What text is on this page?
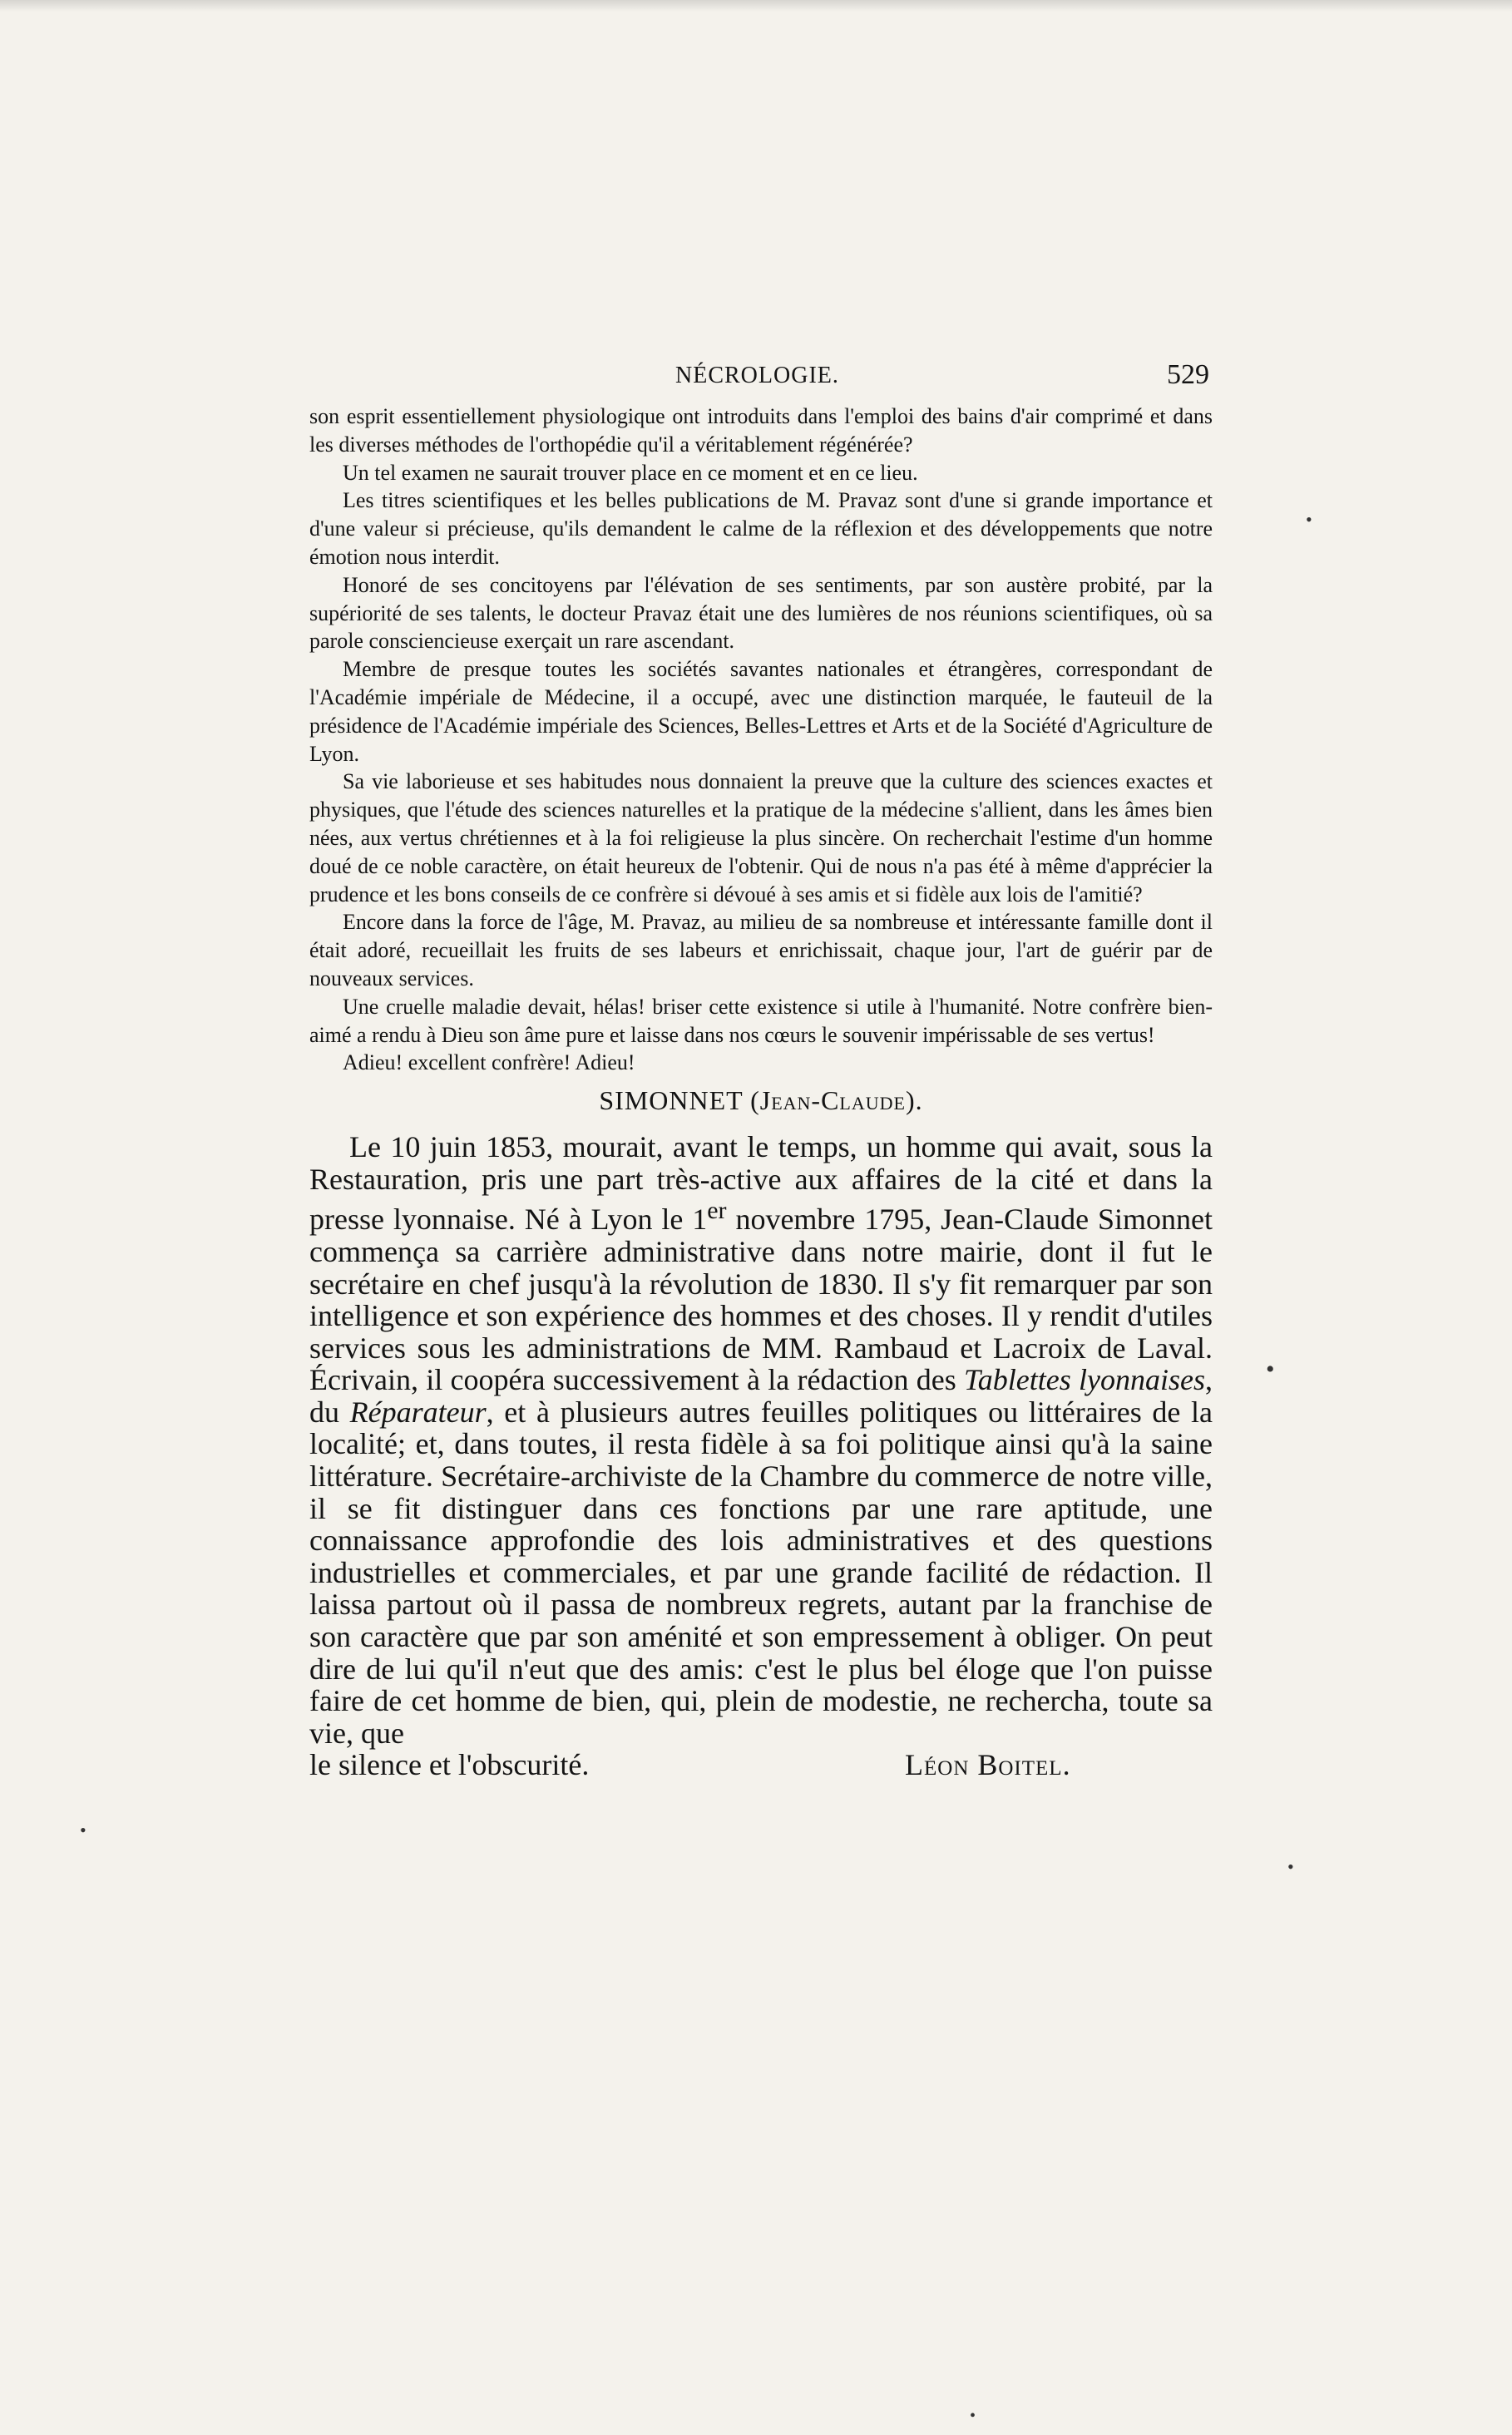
NÉCROLOGIE.	529

son esprit essentiellement physiologique ont introduits dans l'emploi des bains d'air comprimé et dans les diverses méthodes de l'orthopédie qu'il a véritablement régénérée?

Un tel examen ne saurait trouver place en ce moment et en ce lieu.

Les titres scientifiques et les belles publications de M. Pravaz sont d'une si grande importance et d'une valeur si précieuse, qu'ils demandent le calme de la réflexion et des développements que notre émotion nous interdit.

Honoré de ses concitoyens par l'élévation de ses sentiments, par son austère probité, par la supériorité de ses talents, le docteur Pravaz était une des lumières de nos réunions scientifiques, où sa parole consciencieuse exerçait un rare ascendant.

Membre de presque toutes les sociétés savantes nationales et étrangères, correspondant de l'Académie impériale de Médecine, il a occupé, avec une distinction marquée, le fauteuil de la présidence de l'Académie impériale des Sciences, Belles-Lettres et Arts et de la Société d'Agriculture de Lyon.

Sa vie laborieuse et ses habitudes nous donnaient la preuve que la culture des sciences exactes et physiques, que l'étude des sciences naturelles et la pratique de la médecine s'allient, dans les âmes bien nées, aux vertus chrétiennes et à la foi religieuse la plus sincère. On recherchait l'estime d'un homme doué de ce noble caractère, on était heureux de l'obtenir. Qui de nous n'a pas été à même d'apprécier la prudence et les bons conseils de ce confrère si dévoué à ses amis et si fidèle aux lois de l'amitié?

Encore dans la force de l'âge, M. Pravaz, au milieu de sa nombreuse et intéressante famille dont il était adoré, recueillait les fruits de ses labeurs et enrichissait, chaque jour, l'art de guérir par de nouveaux services.

Une cruelle maladie devait, hélas! briser cette existence si utile à l'humanité. Notre confrère bien-aimé a rendu à Dieu son âme pure et laisse dans nos cœurs le souvenir impérissable de ses vertus!

Adieu! excellent confrère! Adieu!

SIMONNET (Jean-Claude).

Le 10 juin 1853, mourait, avant le temps, un homme qui avait, sous la Restauration, pris une part très-active aux affaires de la cité et dans la presse lyonnaise. Né à Lyon le 1er novembre 1795, Jean-Claude Simonnet commença sa carrière administrative dans notre mairie, dont il fut le secrétaire en chef jusqu'à la révolution de 1830. Il s'y fit remarquer par son intelligence et son expérience des hommes et des choses. Il y rendit d'utiles services sous les administrations de MM. Rambaud et Lacroix de Laval. Écrivain, il coopéra successivement à la rédaction des Tablettes lyonnaises, du Réparateur, et à plusieurs autres feuilles politiques ou littéraires de la localité; et, dans toutes, il resta fidèle à sa foi politique ainsi qu'à la saine littérature. Secrétaire-archiviste de la Chambre du commerce de notre ville, il se fit distinguer dans ces fonctions par une rare aptitude, une connaissance approfondie des lois administratives et des questions industrielles et commerciales, et par une grande facilité de rédaction. Il laissa partout où il passa de nombreux regrets, autant par la franchise de son caractère que par son aménité et son empressement à obliger. On peut dire de lui qu'il n'eut que des amis: c'est le plus bel éloge que l'on puisse faire de cet homme de bien, qui, plein de modestie, ne rechercha, toute sa vie, que

le silence et l'obscurité.	Léon Boitel.
•
•
•
•
•
